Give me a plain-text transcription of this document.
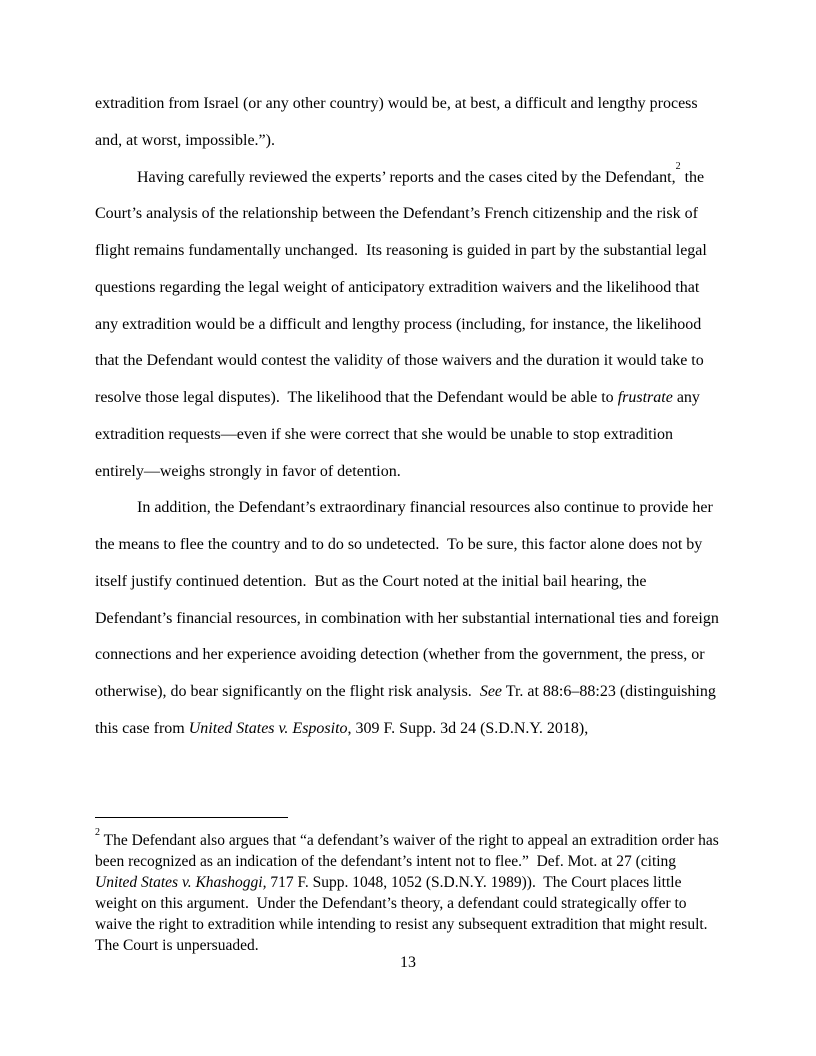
extradition from Israel (or any other country) would be, at best, a difficult and lengthy process and, at worst, impossible.”).

Having carefully reviewed the experts’ reports and the cases cited by the Defendant,$^2$ the Court’s analysis of the relationship between the Defendant’s French citizenship and the risk of flight remains fundamentally unchanged.  Its reasoning is guided in part by the substantial legal questions regarding the legal weight of anticipatory extradition waivers and the likelihood that any extradition would be a difficult and lengthy process (including, for instance, the likelihood that the Defendant would contest the validity of those waivers and the duration it would take to resolve those legal disputes).  The likelihood that the Defendant would be able to frustrate any extradition requests—even if she were correct that she would be unable to stop extradition entirely—weighs strongly in favor of detention.

In addition, the Defendant’s extraordinary financial resources also continue to provide her the means to flee the country and to do so undetected.  To be sure, this factor alone does not by itself justify continued detention.  But as the Court noted at the initial bail hearing, the Defendant’s financial resources, in combination with her substantial international ties and foreign connections and her experience avoiding detection (whether from the government, the press, or otherwise), do bear significantly on the flight risk analysis.  See Tr. at 88:6–88:23 (distinguishing this case from United States v. Esposito, 309 F. Supp. 3d 24 (S.D.N.Y. 2018),

$^2$ The Defendant also argues that “a defendant’s waiver of the right to appeal an extradition order has been recognized as an indication of the defendant’s intent not to flee.”  Def. Mot. at 27 (citing United States v. Khashoggi, 717 F. Supp. 1048, 1052 (S.D.N.Y. 1989)).  The Court places little weight on this argument.  Under the Defendant’s theory, a defendant could strategically offer to waive the right to extradition while intending to resist any subsequent extradition that might result.  The Court is unpersuaded.

13
